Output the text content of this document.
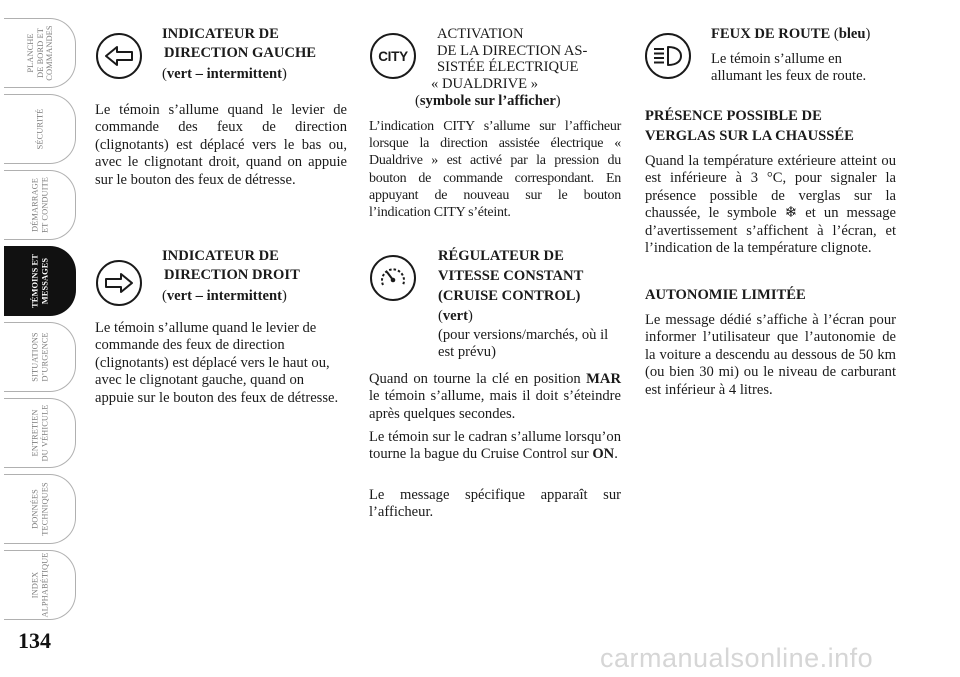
PLANCHE
DE BORD ET
COMMANDES
SÉCURITÉ
DÉMARRAGE
ET CONDUITE
TÉMOINS ET
MESSAGES
SITUATIONS
D’URGENCE
ENTRETIEN
DU VÉHICULE
DONNÉES
TECHNIQUES
INDEX
ALPHABÉTIQUE
134
INDICATEUR DE
DIRECTION GAUCHE
(vert – intermittent)
Le témoin s’allume quand le levier de commande des feux de direction (clignotants) est déplacé vers le bas ou, avec le clignotant droit, quand on appuie sur le bouton des feux de détresse.
INDICATEUR DE
DIRECTION DROIT
(vert – intermittent)
Le témoin s’allume quand le levier de commande des feux de direction (clignotants) est déplacé vers le haut ou, avec le clignotant gauche, quand on appuie sur le bouton des feux de détresse.
CITY
ACTIVATION
DE LA DIRECTION AS-
SISTÉE ÉLECTRIQUE
« DUALDRIVE »
(symbole sur l’afficher)
L’indication CITY s’allume sur l’afficheur lorsque la direction assistée électrique « Dualdrive » est activé par la pression du bouton de commande correspondant. En appuyant de nouveau sur le bouton l’indication CITY s’éteint.
RÉGULATEUR DE
VITESSE CONSTANT
(CRUISE CONTROL)
(vert)
(pour versions/marchés, où il est prévu)
Quand on tourne la clé en position MAR le témoin s’allume, mais il doit s’éteindre après quelques secondes.
Le témoin sur le cadran s’allume lorsqu’on tourne la bague du Cruise Control sur ON.
Le message spécifique apparaît sur l’afficheur.
FEUX DE ROUTE (bleu)
Le témoin s’allume en allumant les feux de route.
PRÉSENCE POSSIBLE DE
VERGLAS SUR LA CHAUSSÉE
Quand la température extérieure atteint ou est inférieure à 3 °C, pour signaler la présence possible de verglas sur la chaussée, le symbole ❄ et un message d’avertissement s’affichent à l’écran, et l’indication de la température clignote.
AUTONOMIE LIMITÉE
Le message dédié s’affiche à l’écran pour informer l’utilisateur que l’autonomie de la voiture a descendu au dessous de 50 km (ou bien 30 mi) ou le niveau de carburant est inférieur à 4 litres.
carmanualsonline.info
